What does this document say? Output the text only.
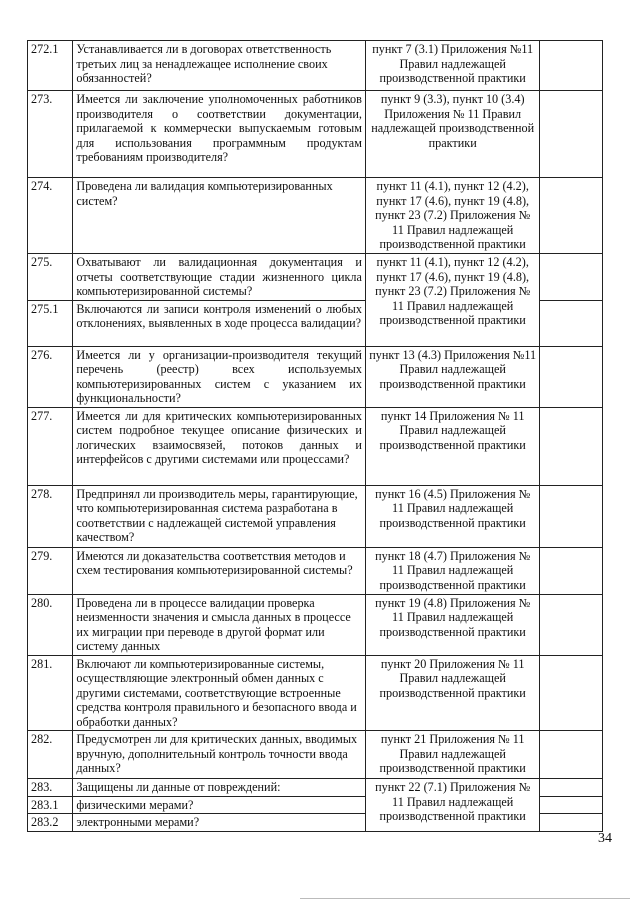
272.1	Устанавливается ли в договорах ответственность третьих лиц за ненадлежащее исполнение своих обязанностей?	пункт 7 (3.1) Приложения №11 Правил надлежащей производственной практики	
273.	Имеется ли заключение уполномоченных работников производителя о соответствии документации, прилагаемой к коммерчески выпускаемым готовым для использования программным продуктам требованиям производителя?	пункт 9 (3.3), пункт 10 (3.4) Приложения № 11 Правил надлежащей производственной практики	
274.	Проведена ли валидация компьютеризированных систем?	пункт 11 (4.1), пункт 12 (4.2), пункт 17 (4.6), пункт 19 (4.8), пункт 23 (7.2) Приложения № 11 Правил надлежащей производственной практики	
275.	Охватывают ли валидационная документация и отчеты соответствующие стадии жизненного цикла компьютеризированной системы?	пункт 11 (4.1), пункт 12 (4.2), пункт 17 (4.6), пункт 19 (4.8), пункт 23 (7.2) Приложения № 11 Правил надлежащей производственной практики	
275.1	Включаются ли записи контроля изменений о любых отклонениях, выявленных в ходе процесса валидации?		
276.	Имеется ли у организации-производителя текущий перечень (реестр) всех используемых компьютеризированных систем с указанием их функциональности?	пункт 13 (4.3) Приложения №11 Правил надлежащей производственной практики	
277.	Имеется ли для критических компьютеризированных систем подробное текущее описание физических и логических взаимосвязей, потоков данных и интерфейсов с другими системами или процессами?	пункт 14 Приложения № 11 Правил надлежащей производственной практики	
278.	Предпринял ли производитель меры, гарантирующие, что компьютеризированная система разработана в соответствии с надлежащей системой управления качеством?	пункт 16 (4.5) Приложения № 11 Правил надлежащей производственной практики	
279.	Имеются ли доказательства соответствия методов и схем тестирования компьютеризированной системы?	пункт 18 (4.7) Приложения № 11 Правил надлежащей производственной практики	
280.	Проведена ли в процессе валидации проверка неизменности значения и смысла данных в процессе их миграции при переводе в другой формат или систему данных	пункт 19 (4.8) Приложения № 11 Правил надлежащей производственной практики	
281.	Включают ли компьютеризированные системы, осуществляющие электронный обмен данных с другими системами, соответствующие встроенные средства контроля правильного и безопасного ввода и обработки данных?	пункт 20 Приложения № 11 Правил надлежащей производственной практики	
282.	Предусмотрен ли для критических данных, вводимых вручную, дополнительный контроль точности ввода данных?	пункт 21 Приложения № 11 Правил надлежащей производственной практики	
283.	Защищены ли данные от повреждений:	пункт 22 (7.1) Приложения № 11 Правил надлежащей производственной практики	
283.1	физическими мерами?		
283.2	электронными мерами?		
34
